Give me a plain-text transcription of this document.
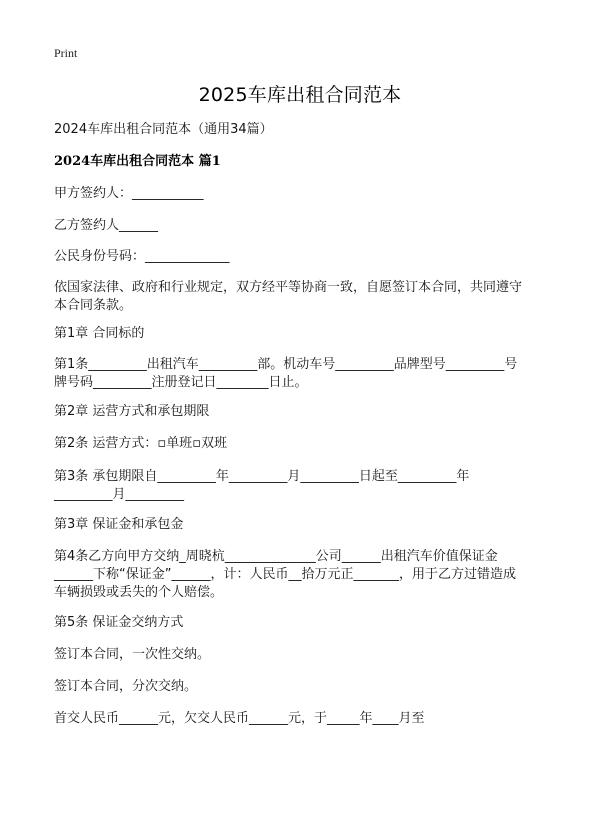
Print
2025车库出租合同范本
2024车库出租合同范本（通用34篇）
2024车库出租合同范本 篇1
甲方签约人：___________
乙方签约人______
公民身份号码：_____________
依国家法律、政府和行业规定，双方经平等协商一致，自愿签订本合同，共同遵守
本合同条款。
第1章 合同标的
第1条_________出租汽车_________部。机动车号_________品牌型号_________号
牌号码_________注册登记日________日止。
第2章 运营方式和承包期限
第2条 运营方式：▫单班▫双班
第3条 承包期限自_________年_________月_________日起至_________年
_________月_________
第3章 保证金和承包金
第4条乙方向甲方交纳_周晓杭______________公司______出租汽车价值保证金
______下称“保证金”______，计：人民币__拾万元正_______，用于乙方过错造成
车辆损毁或丢失的个人赔偿。
第5条 保证金交纳方式
签订本合同，一次性交纳。
签订本合同，分次交纳。
首交人民币______元，欠交人民币______元，于_____年____月至
